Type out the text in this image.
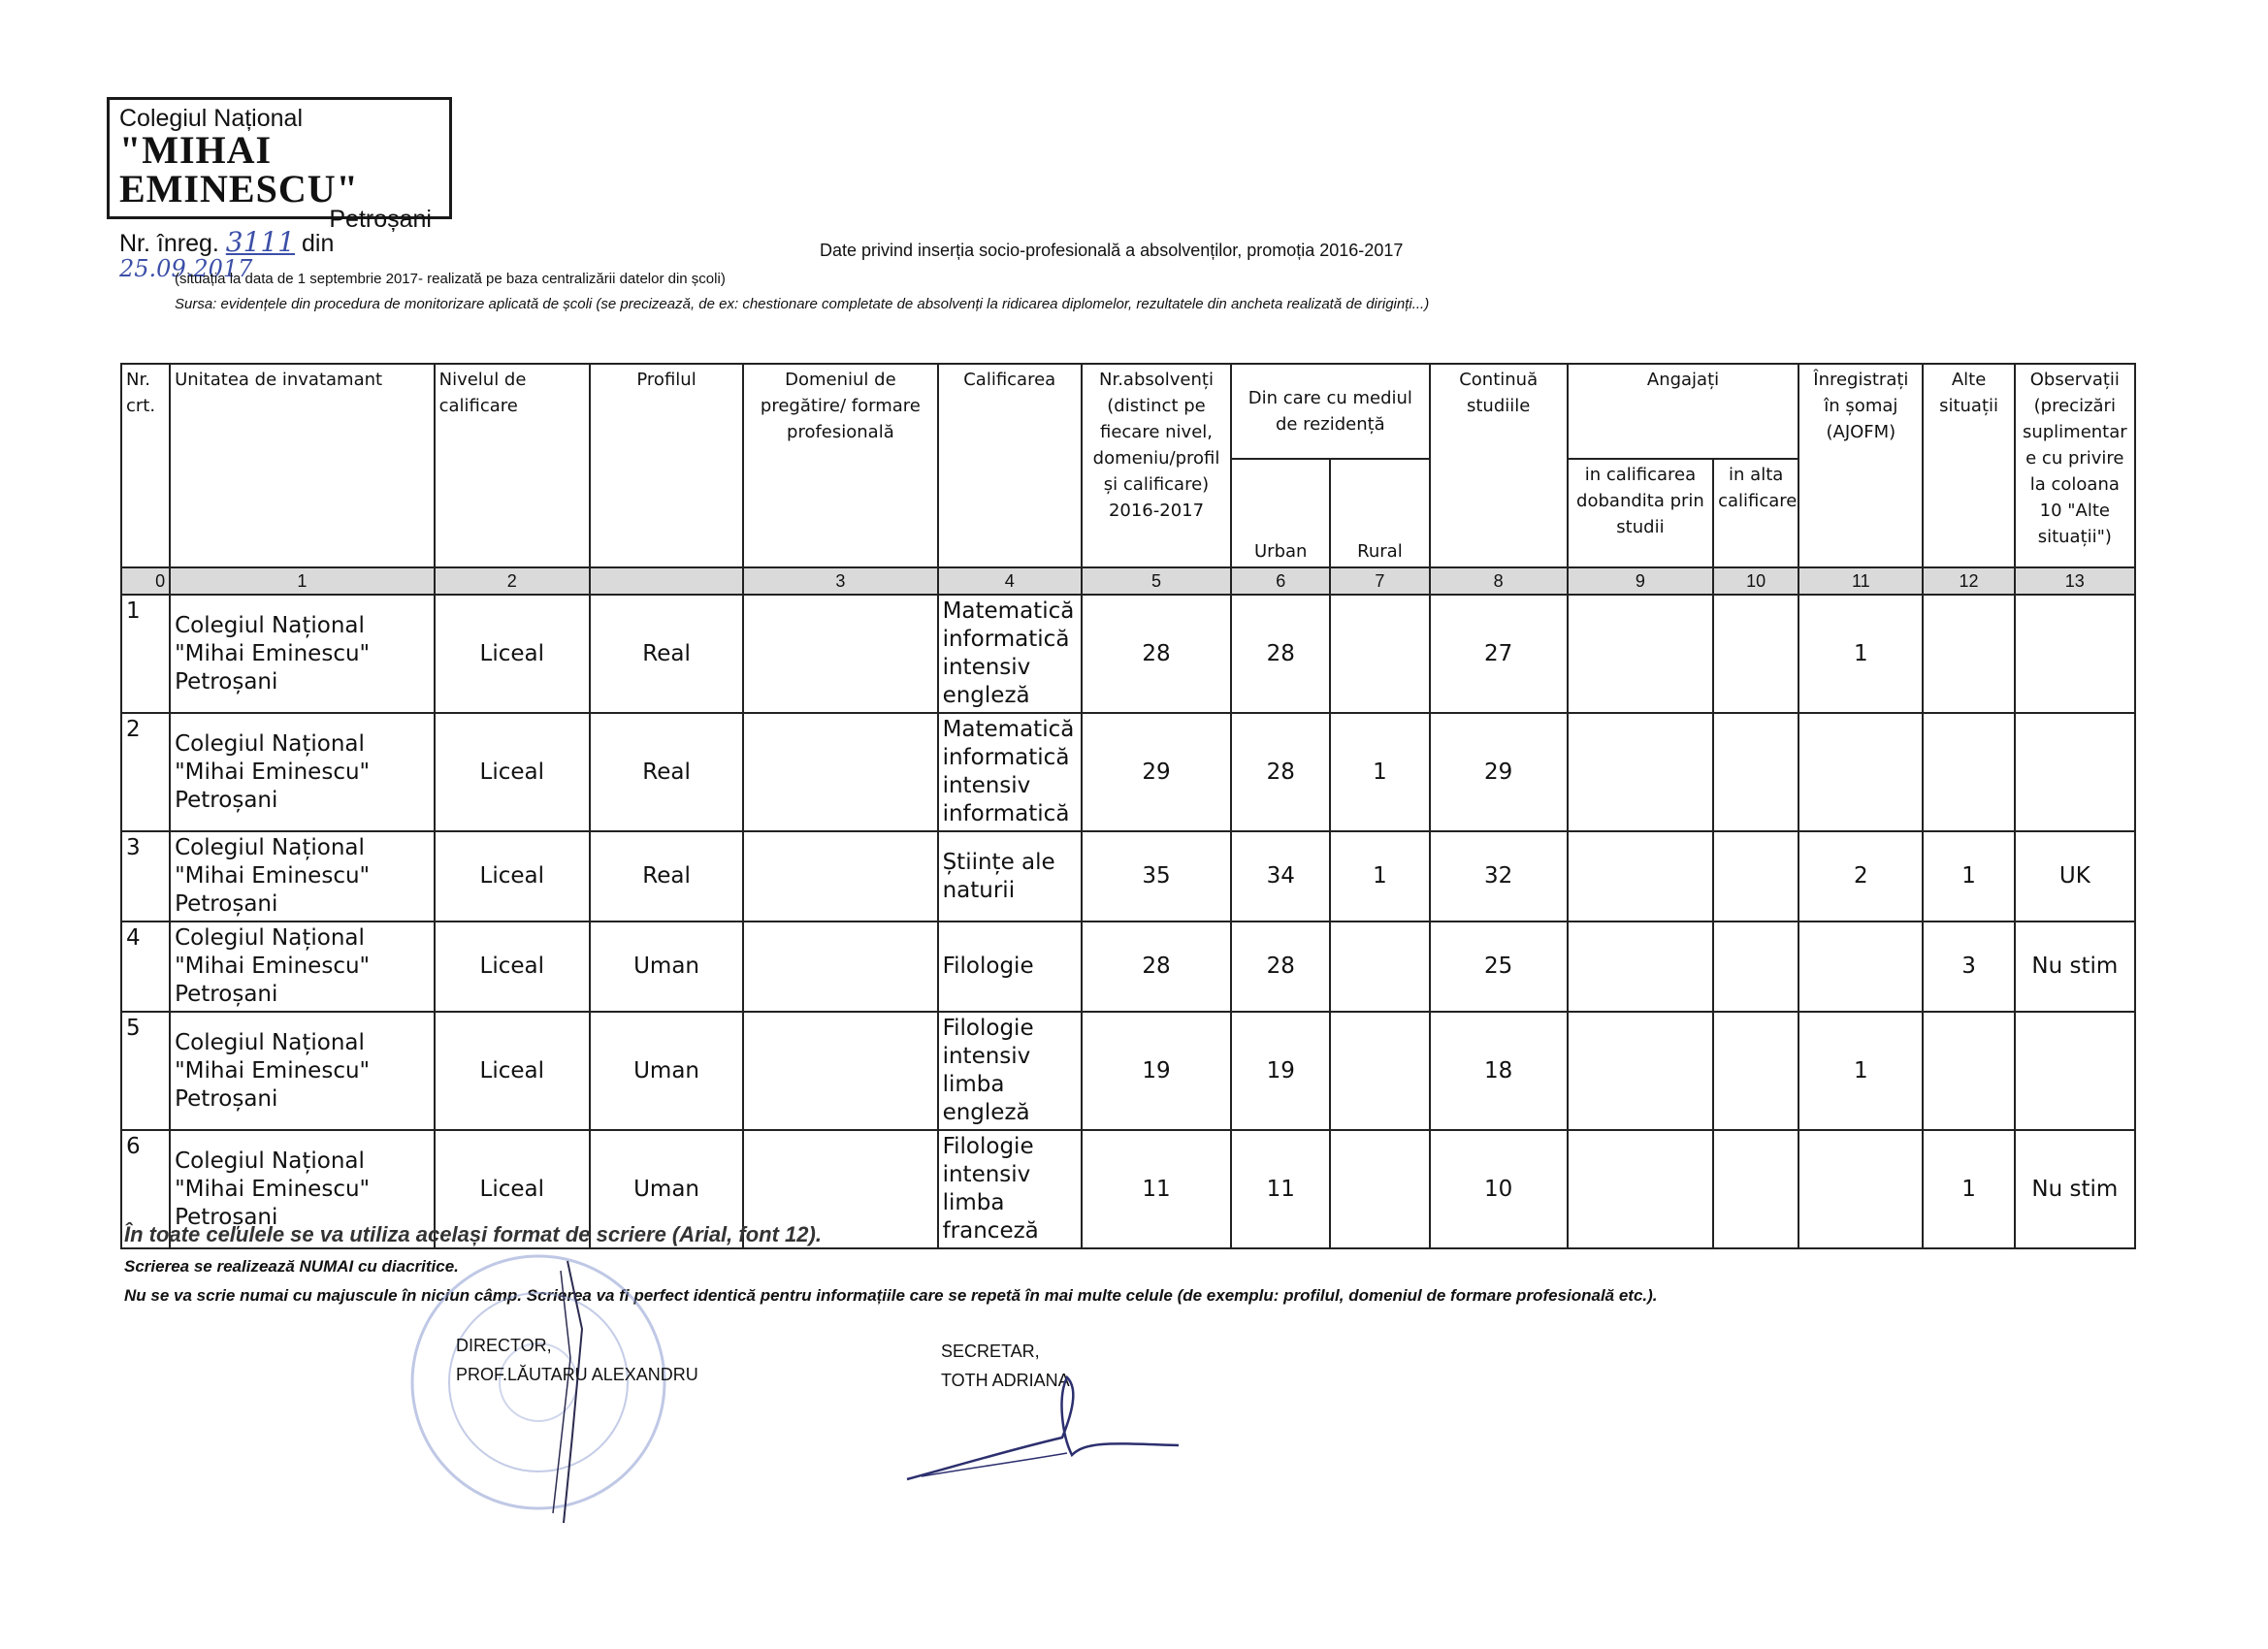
Colegiul Național
"MIHAI EMINESCU"
Petroșani
Nr. înreg. 3111 din 25.09.2017
Date privind inserția socio-profesională a absolvenților, promoția 2016-2017
(situația la data de 1 septembrie 2017- realizată pe baza centralizării datelor din școli)
Sursa: evidențele din procedura de monitorizare aplicată de școli (se precizează, de ex: chestionare completate de absolvenți la ridicarea diplomelor, rezultatele din ancheta realizată de diriginți...)
Nr. crt.	Unitatea de invatamant	Nivelul de calificare	Profilul	Domeniul de pregătire/ formare profesională	Calificarea	Nr.absolvenți (distinct pe fiecare nivel, domeniu/profil și calificare) 2016-2017	Din care cu mediul de rezidență		Continuă studiile	Angajați		Înregistrați în șomaj (AJOFM)	Alte situații	Observații (precizări suplimentar e cu privire la coloana 10 "Alte situații")
							Urban	Rural		in calificarea dobandita prin studii	in alta calificare			
0	1	2		3	4	5	6	7	8	9	10	11	12	13
1	Colegiul Național "Mihai Eminescu" Petroșani	Liceal	Real		Matematică informatică intensiv engleză	28	28		27			1		
2	Colegiul Național "Mihai Eminescu" Petroșani	Liceal	Real		Matematică informatică intensiv informatică	29	28	1	29					
3	Colegiul Național "Mihai Eminescu" Petroșani	Liceal	Real		Științe ale naturii	35	34	1	32			2	1	UK
4	Colegiul Național "Mihai Eminescu" Petroșani	Liceal	Uman		Filologie	28	28		25				3	Nu stim
5	Colegiul Național "Mihai Eminescu" Petroșani	Liceal	Uman		Filologie intensiv limba engleză	19	19		18			1		
6	Colegiul Național "Mihai Eminescu" Petroșani	Liceal	Uman		Filologie intensiv limba franceză	11	11		10				1	Nu stim
În toate celulele se va utiliza același format de scriere (Arial, font 12).
Scrierea se realizează NUMAI cu diacritice.
Nu se va scrie numai cu majuscule în niciun câmp. Scrierea va fi perfect identică pentru informațiile care se repetă în mai multe celule (de exemplu: profilul, domeniul de formare profesională etc.).
DIRECTOR,
PROF.LĂUTARU ALEXANDRU
SECRETAR,
TOTH ADRIANA
